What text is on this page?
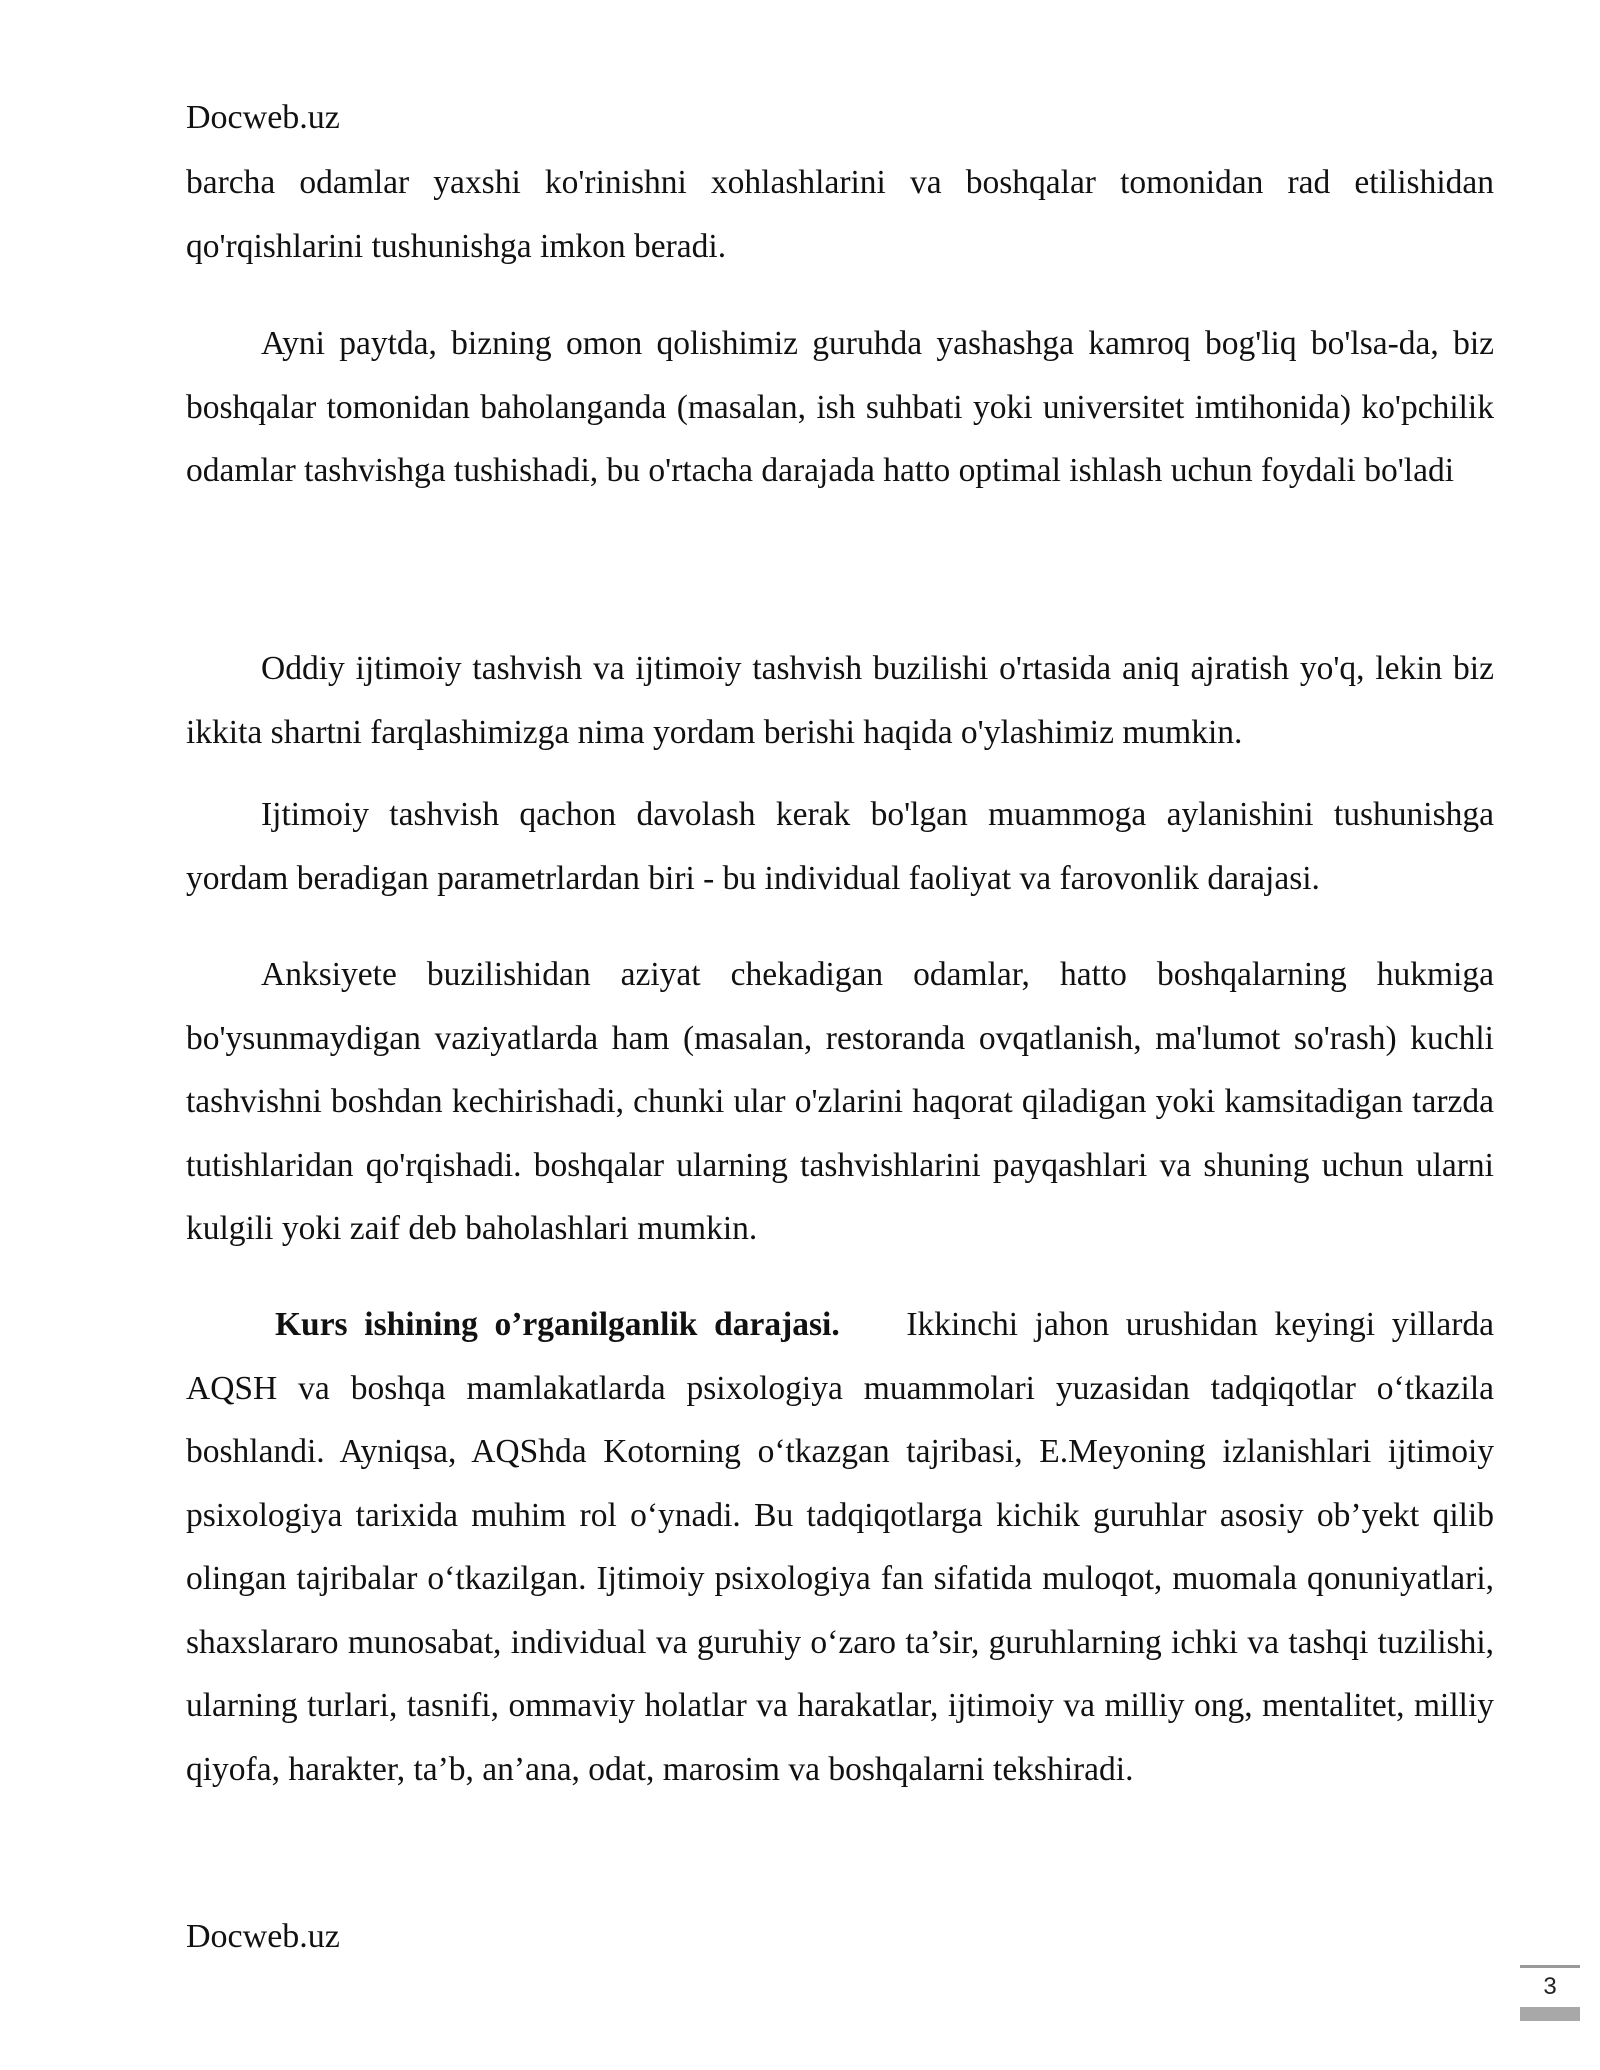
Docweb.uz

barcha odamlar yaxshi ko'rinishni xohlashlarini va boshqalar tomonidan rad etilishidan qo'rqishlarini tushunishga imkon beradi.

Ayni paytda, bizning omon qolishimiz guruhda yashashga kamroq bog'liq bo'lsa-da, biz boshqalar tomonidan baholanganda (masalan, ish suhbati yoki universitet imtihonida) ko'pchilik odamlar tashvishga tushishadi, bu o'rtacha darajada hatto optimal ishlash uchun foydali bo'ladi

Oddiy ijtimoiy tashvish va ijtimoiy tashvish buzilishi o'rtasida aniq ajratish yo'q, lekin biz ikkita shartni farqlashimizga nima yordam berishi haqida o'ylashimiz mumkin.

Ijtimoiy tashvish qachon davolash kerak bo'lgan muammoga aylanishini tushunishga yordam beradigan parametrlardan biri - bu individual faoliyat va farovonlik darajasi.

Anksiyete buzilishidan aziyat chekadigan odamlar, hatto boshqalarning hukmiga bo'ysunmaydigan vaziyatlarda ham (masalan, restoranda ovqatlanish, ma'lumot so'rash) kuchli tashvishni boshdan kechirishadi, chunki ular o'zlarini haqorat qiladigan yoki kamsitadigan tarzda tutishlaridan qo'rqishadi. boshqalar ularning tashvishlarini payqashlari va shuning uchun ularni kulgili yoki zaif deb baholashlari mumkin.

Kurs ishining o’rganilganlik darajasi. Ikkinchi jahon urushidan keyingi yillarda AQSH va boshqa mamlakatlarda psixologiya muammolari yuzasidan tadqiqotlar o‘tkazila boshlandi. Ayniqsa, AQShda Kotorning o‘tkazgan tajribasi, E.Meyoning izlanishlari ijtimoiy psixologiya tarixida muhim rol o‘ynadi. Bu tadqiqotlarga kichik guruhlar asosiy ob’yekt qilib olingan tajribalar o‘tkazilgan. Ijtimoiy psixologiya fan sifatida muloqot, muomala qonuniyatlari, shaxslararo munosabat, individual va guruhiy o‘zaro ta’sir, guruhlarning ichki va tashqi tuzilishi, ularning turlari, tasnifi, ommaviy holatlar va harakatlar, ijtimoiy va milliy ong, mentalitet, milliy qiyofa, harakter, ta’b, an’ana, odat, marosim va boshqalarni tekshiradi.

Docweb.uz
3
